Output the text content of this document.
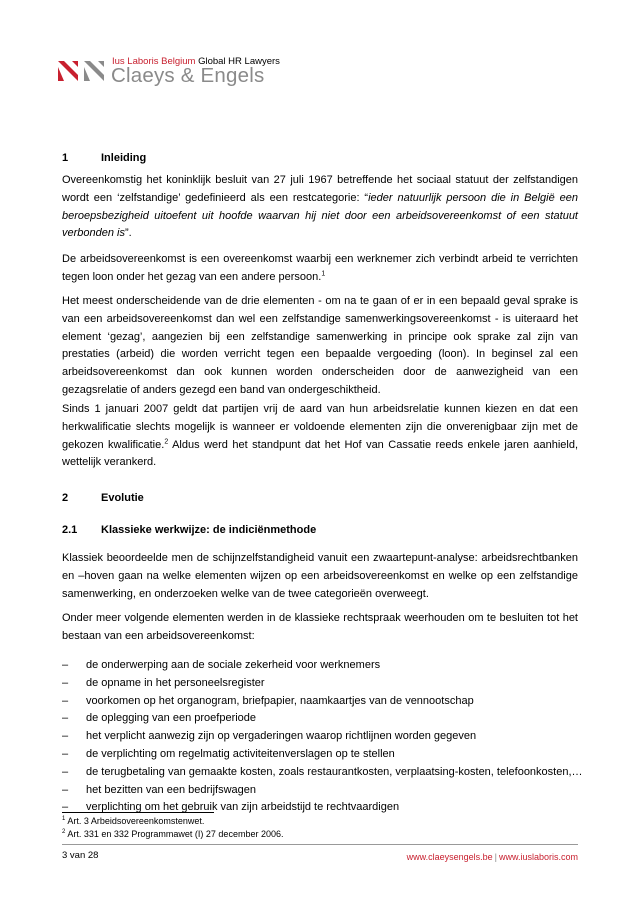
Ius Laboris Belgium Global HR Lawyers
Claeys & Engels
1	Inleiding

Overeenkomstig het koninklijk besluit van 27 juli 1967 betreffende het sociaal statuut der zelfstandigen wordt een ‘zelfstandige’ gedefinieerd als een restcategorie: “ieder natuurlijk persoon die in België een beroepsbezigheid uitoefent uit hoofde waarvan hij niet door een arbeidsovereenkomst of een statuut verbonden is”.

De arbeidsovereenkomst is een overeenkomst waarbij een werknemer zich verbindt arbeid te verrichten tegen loon onder het gezag van een andere persoon.$^1$

Het meest onderscheidende van de drie elementen - om na te gaan of er in een bepaald geval sprake is van een arbeidsovereenkomst dan wel een zelfstandige samenwerkingsovereenkomst - is uiteraard het element ‘gezag’, aangezien bij een zelfstandige samenwerking in principe ook sprake zal zijn van prestaties (arbeid) die worden verricht tegen een bepaalde vergoeding (loon). In beginsel zal een arbeidsovereenkomst dan ook kunnen worden onderscheiden door de aanwezigheid van een gezagsrelatie of anders gezegd een band van ondergeschiktheid.

Sinds 1 januari 2007 geldt dat partijen vrij de aard van hun arbeidsrelatie kunnen kiezen en dat een herkwalificatie slechts mogelijk is wanneer er voldoende elementen zijn die onverenigbaar zijn met de gekozen kwalificatie.$^2$ Aldus werd het standpunt dat het Hof van Cassatie reeds enkele jaren aanhield, wettelijk verankerd.

2	Evolutie
2.1 Klassieke werkwijze: de indiciënmethode

Klassiek beoordeelde men de schijnzelfstandigheid vanuit een zwaartepunt-analyse: arbeidsrechtbanken en –hoven gaan na welke elementen wijzen op een arbeidsovereenkomst en welke op een zelfstandige samenwerking, en onderzoeken welke van de twee categorieën overweegt.

Onder meer volgende elementen werden in de klassieke rechtspraak weerhouden om te besluiten tot het bestaan van een arbeidsovereenkomst:

– de onderwerping aan de sociale zekerheid voor werknemers
– de opname in het personeelsregister
– voorkomen op het organogram, briefpapier, naamkaartjes van de vennootschap
– de oplegging van een proefperiode
– het verplicht aanwezig zijn op vergaderingen waarop richtlijnen worden gegeven
– de verplichting om regelmatig activiteitenverslagen op te stellen
– de terugbetaling van gemaakte kosten, zoals restaurantkosten, verplaatsing-kosten, telefoonkosten,…
– het bezitten van een bedrijfswagen
– verplichting om het gebruik van zijn arbeidstijd te rechtvaardigen
$^1$ Art. 3 Arbeidsovereenkomstenwet.
$^2$ Art. 331 en 332 Programmawet (I) 27 december 2006.
3 van 28	www.claeysengels.be | www.iuslaboris.com
